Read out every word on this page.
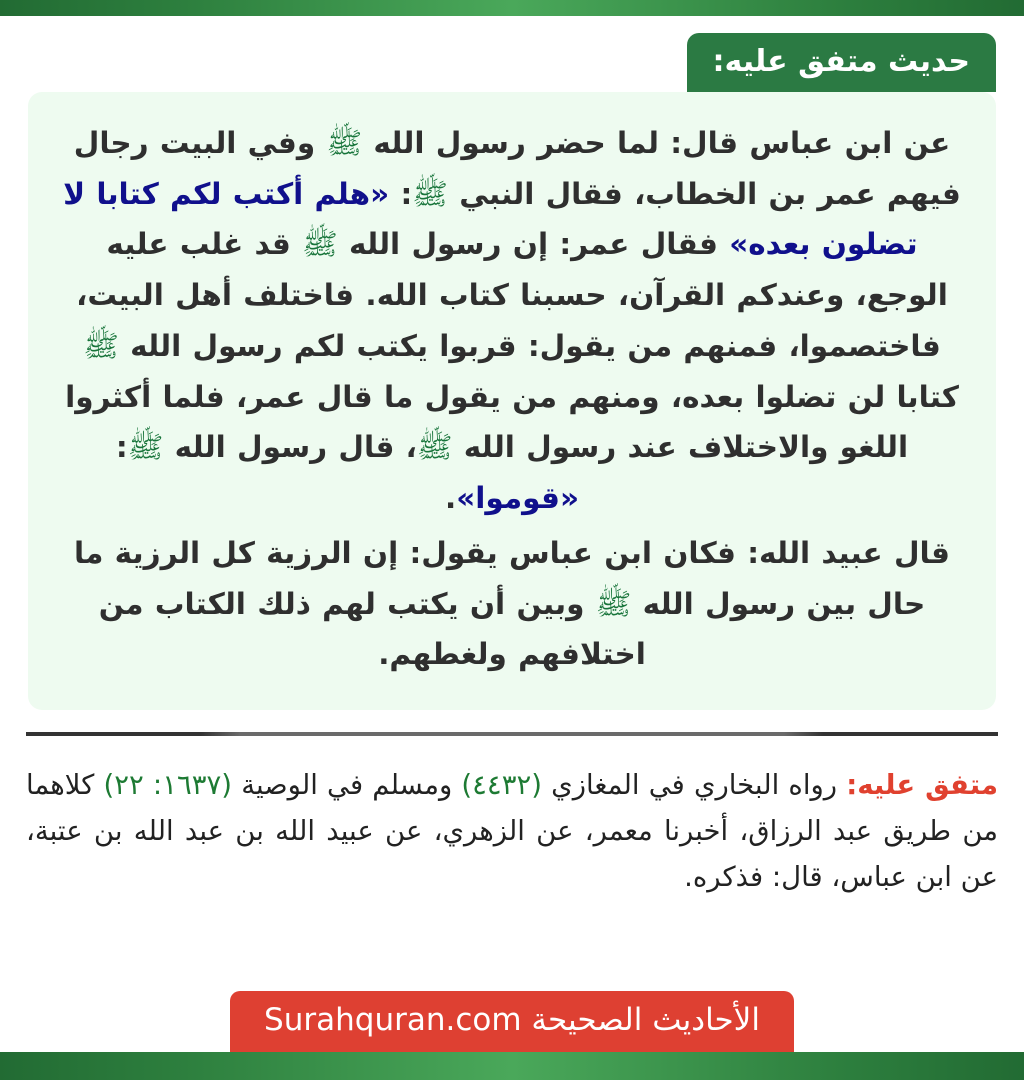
حديث متفق عليه:

عن ابن عباس قال: لما حضر رسول الله ﷺ وفي البيت رجال فيهم عمر بن الخطاب، فقال النبي ﷺ: «هلم أكتب لكم كتابا لا تضلون بعده» فقال عمر: إن رسول الله ﷺ قد غلب عليه الوجع، وعندكم القرآن، حسبنا كتاب الله. فاختلف أهل البيت، فاختصموا، فمنهم من يقول: قربوا يكتب لكم رسول الله ﷺ كتابا لن تضلوا بعده، ومنهم من يقول ما قال عمر، فلما أكثروا اللغو والاختلاف عند رسول الله ﷺ، قال رسول الله ﷺ:

«قوموا».

قال عبيد الله: فكان ابن عباس يقول: إن الرزية كل الرزية ما حال بين رسول الله ﷺ وبين أن يكتب لهم ذلك الكتاب من اختلافهم ولغطهم.

متفق عليه: رواه البخاري في المغازي (٤٤٣٢) ومسلم في الوصية (١٦٣٧: ٢٢) كلاهما من طريق عبد الرزاق، أخبرنا معمر، عن الزهري، عن عبيد الله بن عبد الله بن عتبة، عن ابن عباس، قال: فذكره.

الأحاديث الصحيحة Surahquran.com
